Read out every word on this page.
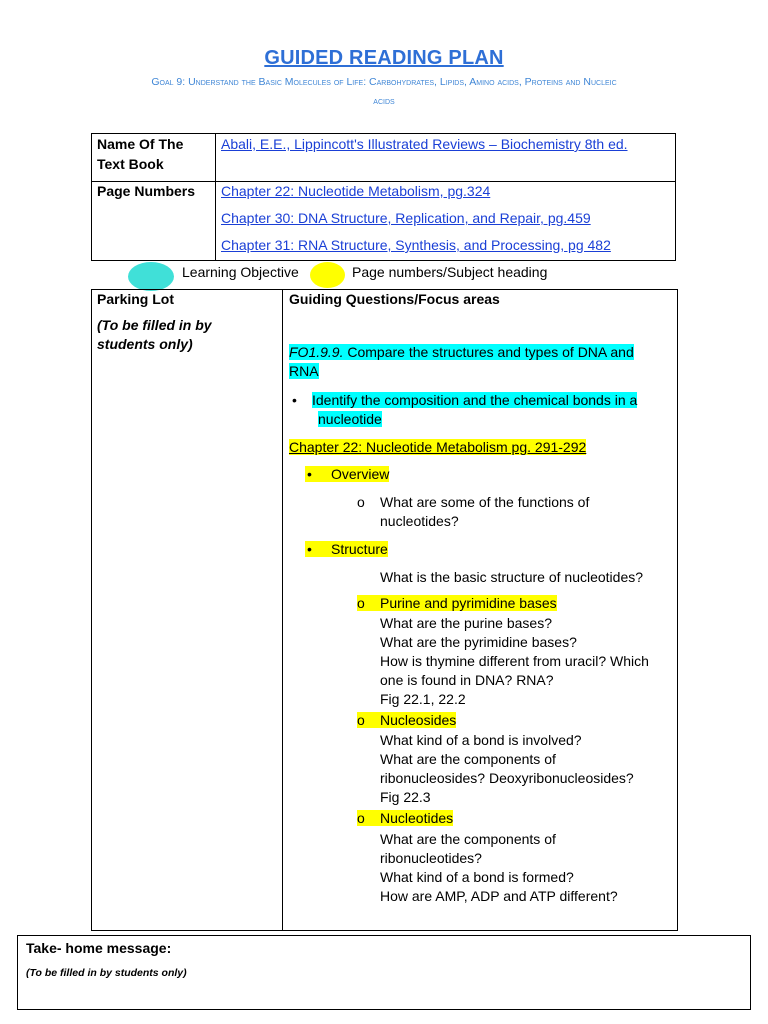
GUIDED READING PLAN
Goal 9: Understand the Basic Molecules of Life: Carbohydrates, Lipids, Amino acids, Proteins and Nucleic
acids
Name Of The
Text Book
Abali, E.E., Lippincott's Illustrated Reviews – Biochemistry 8th ed.
Page Numbers Chapter 22: Nucleotide Metabolism, pg.324
Chapter 30: DNA Structure, Replication, and Repair, pg.459
Chapter 31: RNA Structure, Synthesis, and Processing, pg 482
Learning Objective	Page numbers/Subject heading
Parking Lot
(To be filled in by
students only)
Guiding Questions/Focus areas
FO1.9.9. Compare the structures and types of DNA and
RNA
• Identify the composition and the chemical bonds in a
nucleotide
Chapter 22: Nucleotide Metabolism pg. 291-292
• Overview
o What are some of the functions of
nucleotides?
• Structure
What is the basic structure of nucleotides?
o Purine and pyrimidine bases
What are the purine bases?
What are the pyrimidine bases?
How is thymine different from uracil? Which
one is found in DNA? RNA?
Fig 22.1, 22.2
o Nucleosides
What kind of a bond is involved?
What are the components of
ribonucleosides? Deoxyribonucleosides?
Fig 22.3
o Nucleotides
What are the components of
ribonucleotides?
What kind of a bond is formed?
How are AMP, ADP and ATP different?
Take- home message:
(To be filled in by students only)
